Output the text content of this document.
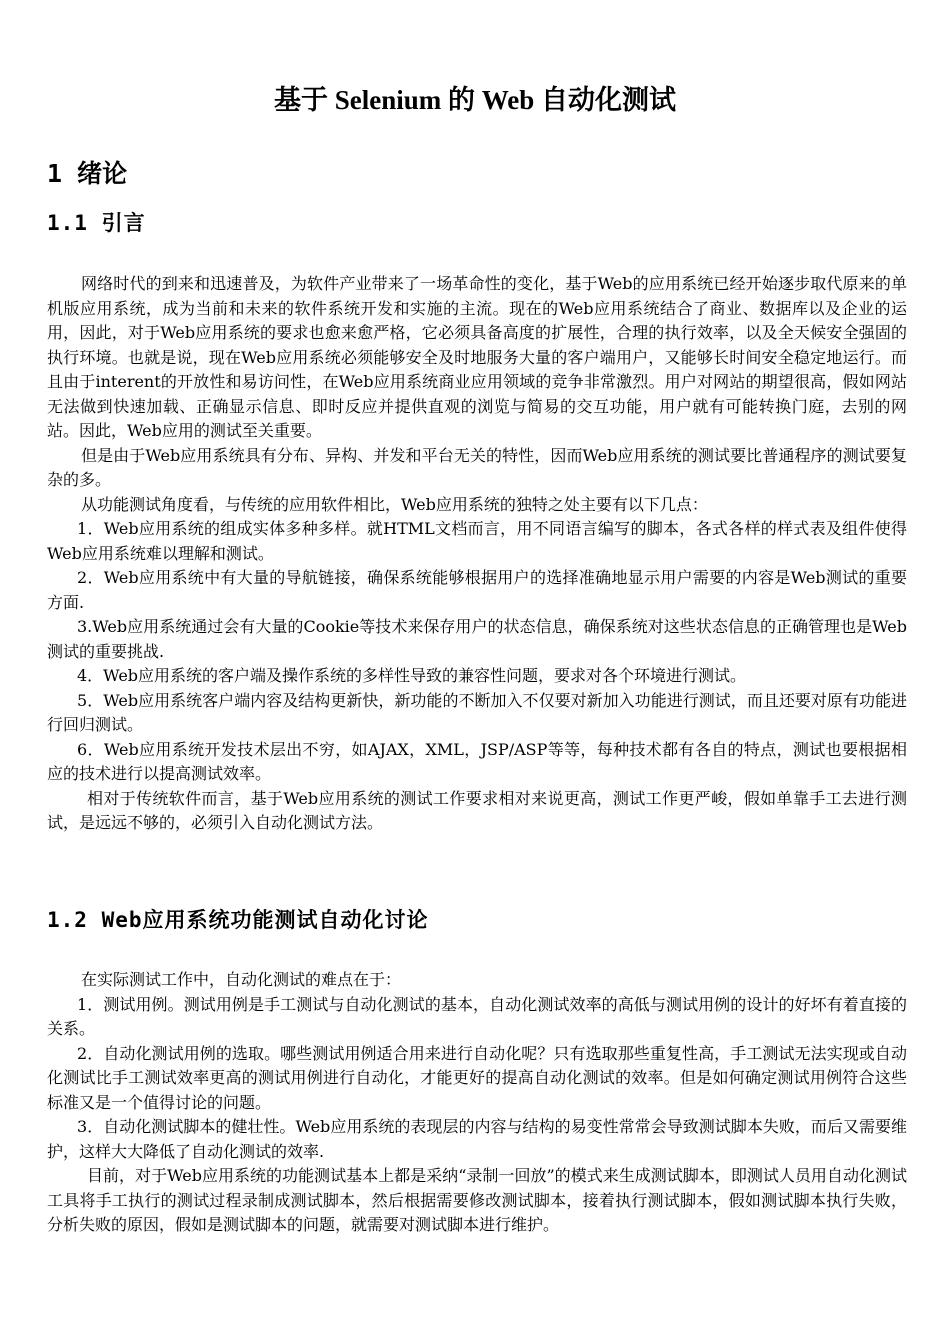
基于 Selenium 的 Web 自动化测试
1 绪论
1.1 引言

网络时代的到来和迅速普及，为软件产业带来了一场革命性的变化，基于Web的应用系统已经开始逐步取代原来的单机版应用系统，成为当前和未来的软件系统开发和实施的主流。现在的Web应用系统结合了商业、数据库以及企业的运用，因此，对于Web应用系统的要求也愈来愈严格，它必须具备高度的扩展性，合理的执行效率，以及全天候安全强固的执行环境。也就是说，现在Web应用系统必须能够安全及时地服务大量的客户端用户，又能够长时间安全稳定地运行。而且由于interent的开放性和易访问性，在Web应用系统商业应用领域的竞争非常激烈。用户对网站的期望很高，假如网站无法做到快速加载、正确显示信息、即时反应并提供直观的浏览与简易的交互功能，用户就有可能转换门庭，去别的网站。因此，Web应用的测试至关重要。

但是由于Web应用系统具有分布、异构、并发和平台无关的特性，因而Web应用系统的测试要比普通程序的测试要复杂的多。

从功能测试角度看，与传统的应用软件相比，Web应用系统的独特之处主要有以下几点：

1．Web应用系统的组成实体多种多样。就HTML文档而言，用不同语言编写的脚本，各式各样的样式表及组件使得Web应用系统难以理解和测试。

2．Web应用系统中有大量的导航链接，确保系统能够根据用户的选择准确地显示用户需要的内容是Web测试的重要方面.

3.Web应用系统通过会有大量的Cookie等技术来保存用户的状态信息，确保系统对这些状态信息的正确管理也是Web测试的重要挑战.

4．Web应用系统的客户端及操作系统的多样性导致的兼容性问题，要求对各个环境进行测试。

5．Web应用系统客户端内容及结构更新快，新功能的不断加入不仅要对新加入功能进行测试，而且还要对原有功能进行回归测试。

6．Web应用系统开发技术层出不穷，如AJAX，XML，JSP/ASP等等，每种技术都有各自的特点，测试也要根据相应的技术进行以提高测试效率。

相对于传统软件而言，基于Web应用系统的测试工作要求相对来说更高，测试工作更严峻，假如单靠手工去进行测试，是远远不够的，必须引入自动化测试方法。

1.2 Web应用系统功能测试自动化讨论

在实际测试工作中，自动化测试的难点在于：

1．测试用例。测试用例是手工测试与自动化测试的基本，自动化测试效率的高低与测试用例的设计的好坏有着直接的关系。

2．自动化测试用例的选取。哪些测试用例适合用来进行自动化呢？只有选取那些重复性高，手工测试无法实现或自动化测试比手工测试效率更高的测试用例进行自动化，才能更好的提高自动化测试的效率。但是如何确定测试用例符合这些标准又是一个值得讨论的问题。

3．自动化测试脚本的健壮性。Web应用系统的表现层的内容与结构的易变性常常会导致测试脚本失败，而后又需要维护，这样大大降低了自动化测试的效率.

目前，对于Web应用系统的功能测试基本上都是采纳“录制一回放”的模式来生成测试脚本，即测试人员用自动化测试工具将手工执行的测试过程录制成测试脚本，然后根据需要修改测试脚本，接着执行测试脚本，假如测试脚本执行失败，分析失败的原因，假如是测试脚本的问题，就需要对测试脚本进行维护。
